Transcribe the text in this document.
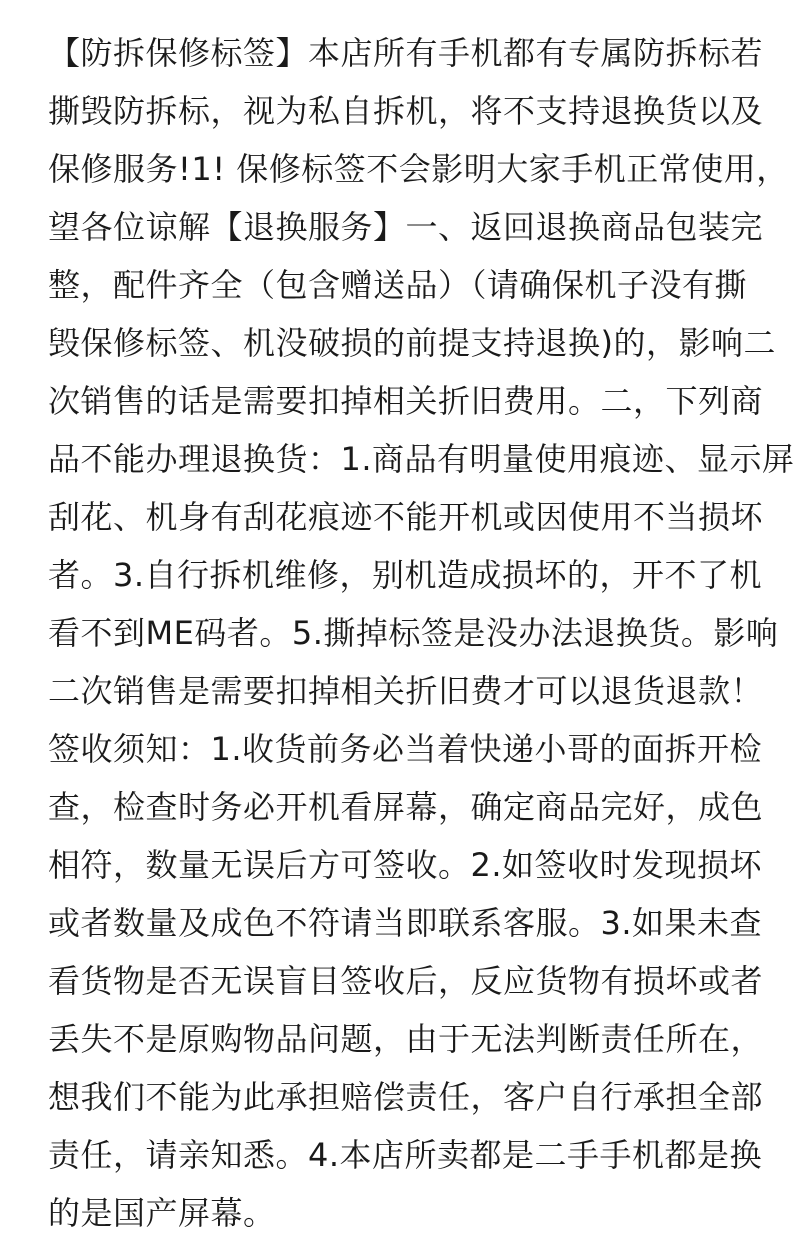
【防拆保修标签】本店所有手机都有专属防拆标若
撕毁防拆标，视为私自拆机，将不支持退换货以及
保修服务!1! 保修标签不会影明大家手机正常使用，
望各位谅解【退换服务】一、返回退换商品包装完
整，配件齐全（包含赠送品）（请确保机子没有撕
毁保修标签、机没破损的前提支持退换)的，影响二
次销售的话是需要扣掉相关折旧费用。二，下列商
品不能办理退换货：1.商品有明量使用痕迹、显示屏
刮花、机身有刮花痕迹不能开机或因使用不当损坏
者。3.自行拆机维修，别机造成损坏的，开不了机
看不到ME码者。5.撕掉标签是没办法退换货。影响
二次销售是需要扣掉相关折旧费才可以退货退款！
签收须知：1.收货前务必当着快递小哥的面拆开检
查，检查时务必开机看屏幕，确定商品完好，成色
相符，数量无误后方可签收。2.如签收时发现损坏
或者数量及成色不符请当即联系客服。3.如果未查
看货物是否无误盲目签收后，反应货物有损坏或者
丢失不是原购物品问题，由于无法判断责任所在，
想我们不能为此承担赔偿责任，客户自行承担全部
责任，请亲知悉。4.本店所卖都是二手手机都是换
的是国产屏幕。
